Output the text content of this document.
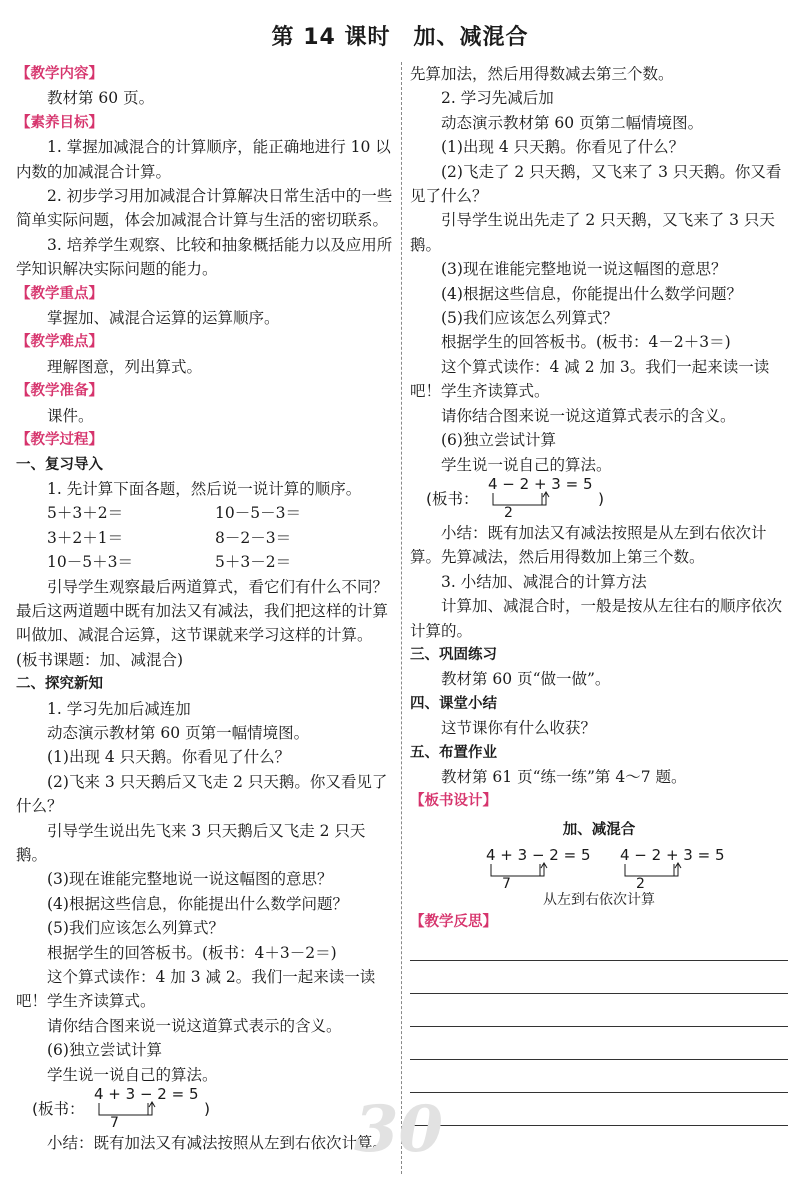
第 14 课时　加、减混合

【教学内容】

教材第 60 页。

【素养目标】

1. 掌握加减混合的计算顺序，能正确地进行 10 以内数的加减混合计算。

2. 初步学习用加减混合计算解决日常生活中的一些简单实际问题，体会加减混合计算与生活的密切联系。

3. 培养学生观察、比较和抽象概括能力以及应用所学知识解决实际问题的能力。

【教学重点】

掌握加、减混合运算的运算顺序。

【教学难点】

理解图意，列出算式。

【教学准备】

课件。

【教学过程】

一、复习导入

1. 先计算下面各题，然后说一说计算的顺序。

5＋3＋2＝	10－5－3＝
3＋2＋1＝	8－2－3＝
10－5＋3＝	5＋3－2＝

引导学生观察最后两道算式，看它们有什么不同？最后这两道题中既有加法又有减法，我们把这样的计算叫做加、减混合运算，这节课就来学习这样的计算。(板书课题：加、减混合)

二、探究新知

1. 学习先加后减连加

动态演示教材第 60 页第一幅情境图。

(1)出现 4 只天鹅。你看见了什么？

(2)飞来 3 只天鹅后又飞走 2 只天鹅。你又看见了什么？

引导学生说出先飞来 3 只天鹅后又飞走 2 只天鹅。

(3)现在谁能完整地说一说这幅图的意思？

(4)根据这些信息，你能提出什么数学问题？

(5)我们应该怎么列算式？

根据学生的回答板书。(板书：4＋3－2＝)

这个算式读作：4 加 3 减 2。我们一起来读一读吧！学生齐读算式。

请你结合图来说一说这道算式表示的含义。

(6)独立尝试计算

学生说一说自己的算法。

(板书：
4 + 3 − 2 = 5
7
)

小结：既有加法又有减法按照从左到右依次计算。

先算加法，然后用得数减去第三个数。

2. 学习先减后加

动态演示教材第 60 页第二幅情境图。

(1)出现 4 只天鹅。你看见了什么？

(2)飞走了 2 只天鹅，又飞来了 3 只天鹅。你又看见了什么？

引导学生说出先走了 2 只天鹅，又飞来了 3 只天鹅。

(3)现在谁能完整地说一说这幅图的意思？

(4)根据这些信息，你能提出什么数学问题？

(5)我们应该怎么列算式？

根据学生的回答板书。(板书：4－2＋3＝)

这个算式读作：4 减 2 加 3。我们一起来读一读吧！学生齐读算式。

请你结合图来说一说这道算式表示的含义。

(6)独立尝试计算

学生说一说自己的算法。

(板书：
4 − 2 + 3 = 5
2
)

小结：既有加法又有减法按照是从左到右依次计算。先算减法，然后用得数加上第三个数。

3. 小结加、减混合的计算方法

计算加、减混合时，一般是按从左往右的顺序依次计算的。

三、巩固练习

教材第 60 页“做一做”。

四、课堂小结

这节课你有什么收获？

五、布置作业

教材第 61 页“练一练”第 4～7 题。

【板书设计】

加、减混合
4 + 3 − 2 = 5
7
4 − 2 + 3 = 5
2
从左到右依次计算

【教学反思】

30
